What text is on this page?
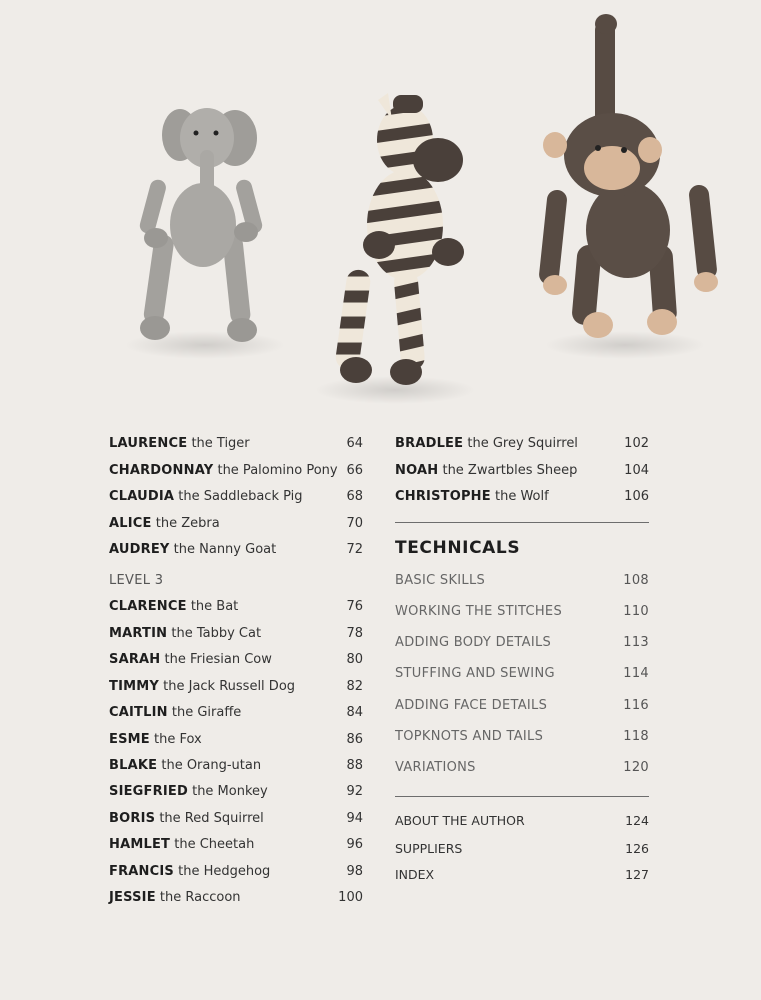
LAURENCE the Tiger	64
CHARDONNAY the Palomino Pony 66
CLAUDIA the Saddleback Pig	68
ALICE the Zebra	70
AUDREY the Nanny Goat	72
LEVEL 3
CLARENCE the Bat	76
MARTIN the Tabby Cat	78
SARAH the Friesian Cow	80
TIMMY the Jack Russell Dog	82
CAITLIN the Giraffe	84
ESME the Fox	86
BLAKE the Orang-utan	88
SIEGFRIED the Monkey	92
BORIS the Red Squirrel	94
HAMLET the Cheetah	96
FRANCIS the Hedgehog	98
JESSIE the Raccoon	100
BRADLEE the Grey Squirrel	102
NOAH the Zwartbles Sheep	104
CHRISTOPHE the Wolf	106
TECHNICALS
BASIC SKILLS	108
WORKING THE STITCHES	110
ADDING BODY DETAILS	113
STUFFING AND SEWING	114
ADDING FACE DETAILS	116
TOPKNOTS AND TAILS	118
VARIATIONS	120
ABOUT THE AUTHOR	124
SUPPLIERS	126
INDEX	127
